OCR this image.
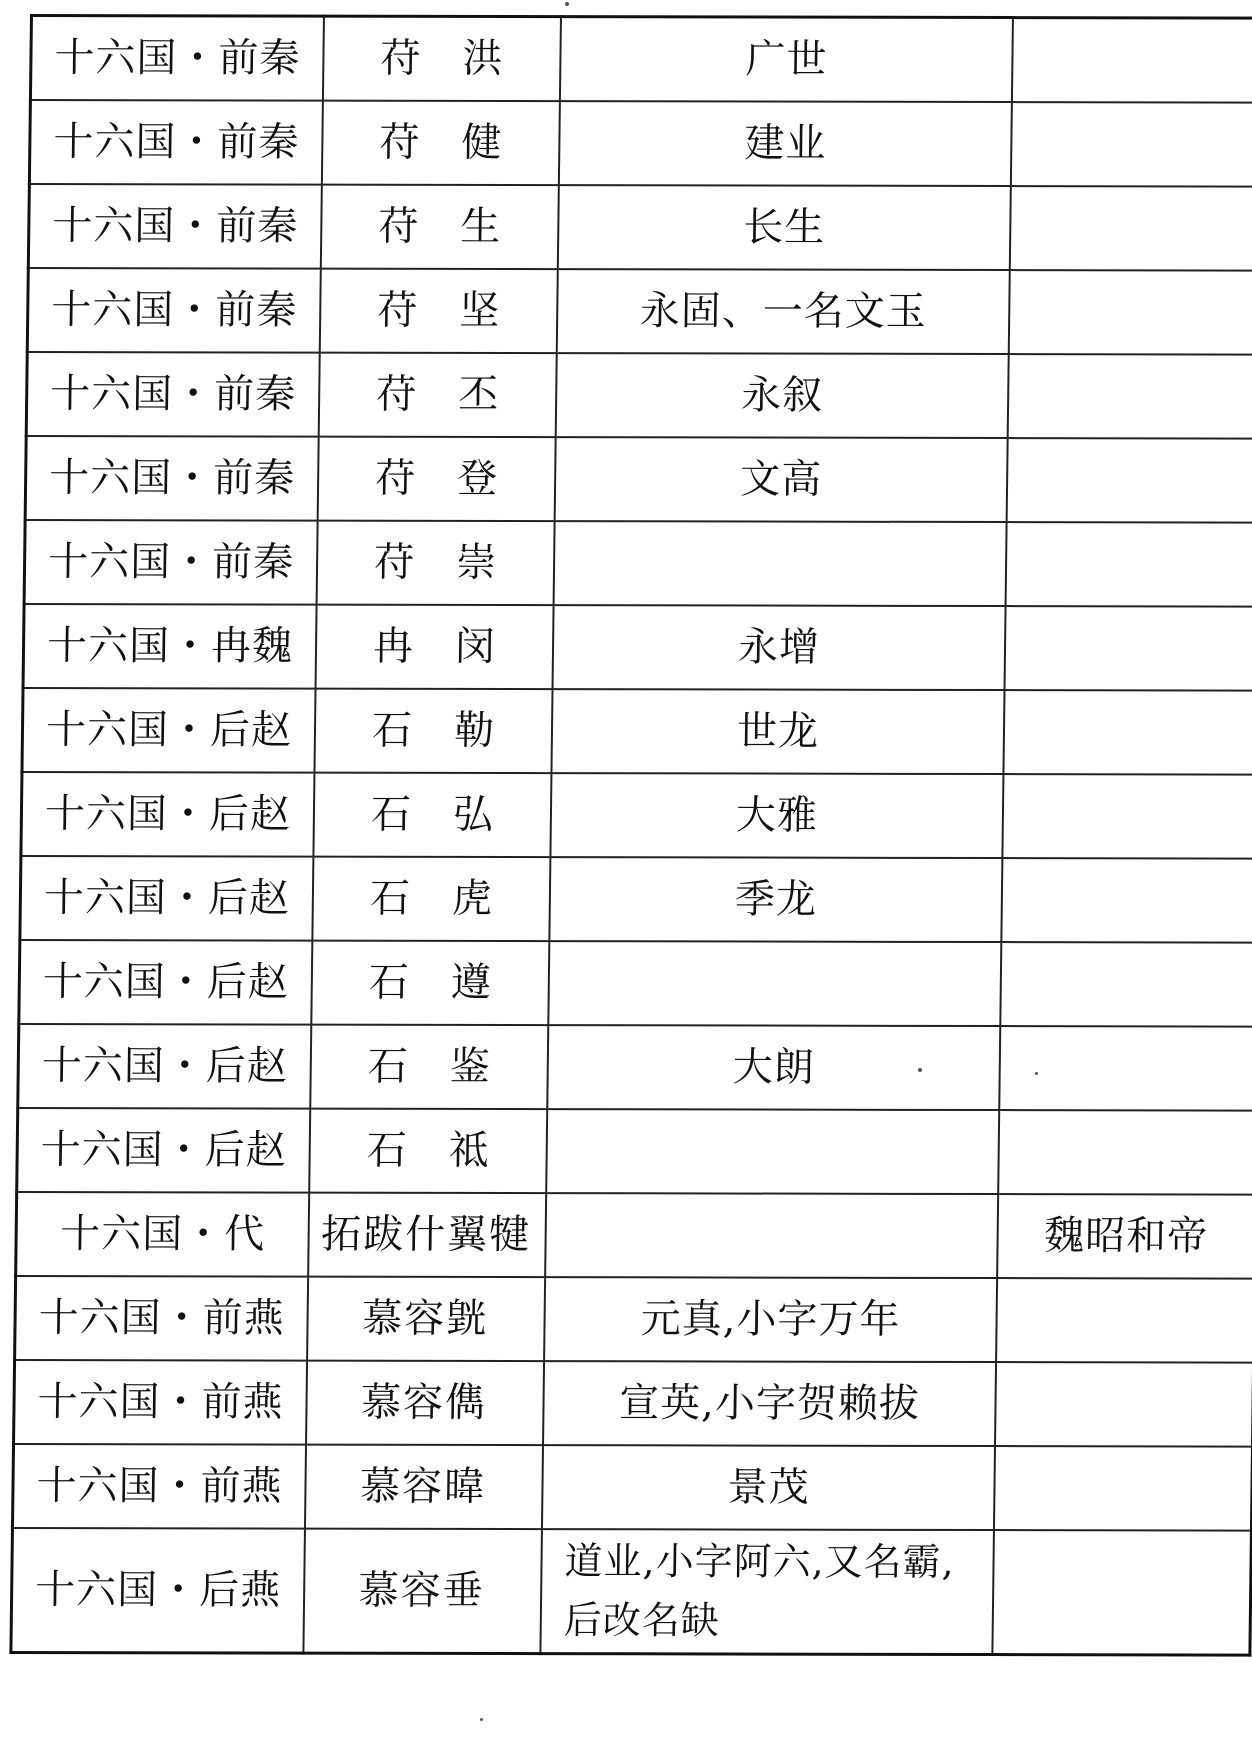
十六国・前秦	苻　洪	广世	
十六国・前秦	苻　健	建业	
十六国・前秦	苻　生	长生	
十六国・前秦	苻　坚	永固、一名文玉	
十六国・前秦	苻　丕	永叙	
十六国・前秦	苻　登	文高	
十六国・前秦	苻　崇		
十六国・冉魏	冉　闵	永增	
十六国・后赵	石　勒	世龙	
十六国・后赵	石　弘	大雅	
十六国・后赵	石　虎	季龙	
十六国・后赵	石　遵		
十六国・后赵	石　鉴	大朗	
十六国・后赵	石　祗		
十六国・代	拓跋什翼犍		魏昭和帝
十六国・前燕	慕容皝	元真,小字万年	
十六国・前燕	慕容儁	宣英,小字贺赖拔	
十六国・前燕	慕容暐	景茂	
十六国・后燕	慕容垂	道业,小字阿六,又名霸,后改名缺	
